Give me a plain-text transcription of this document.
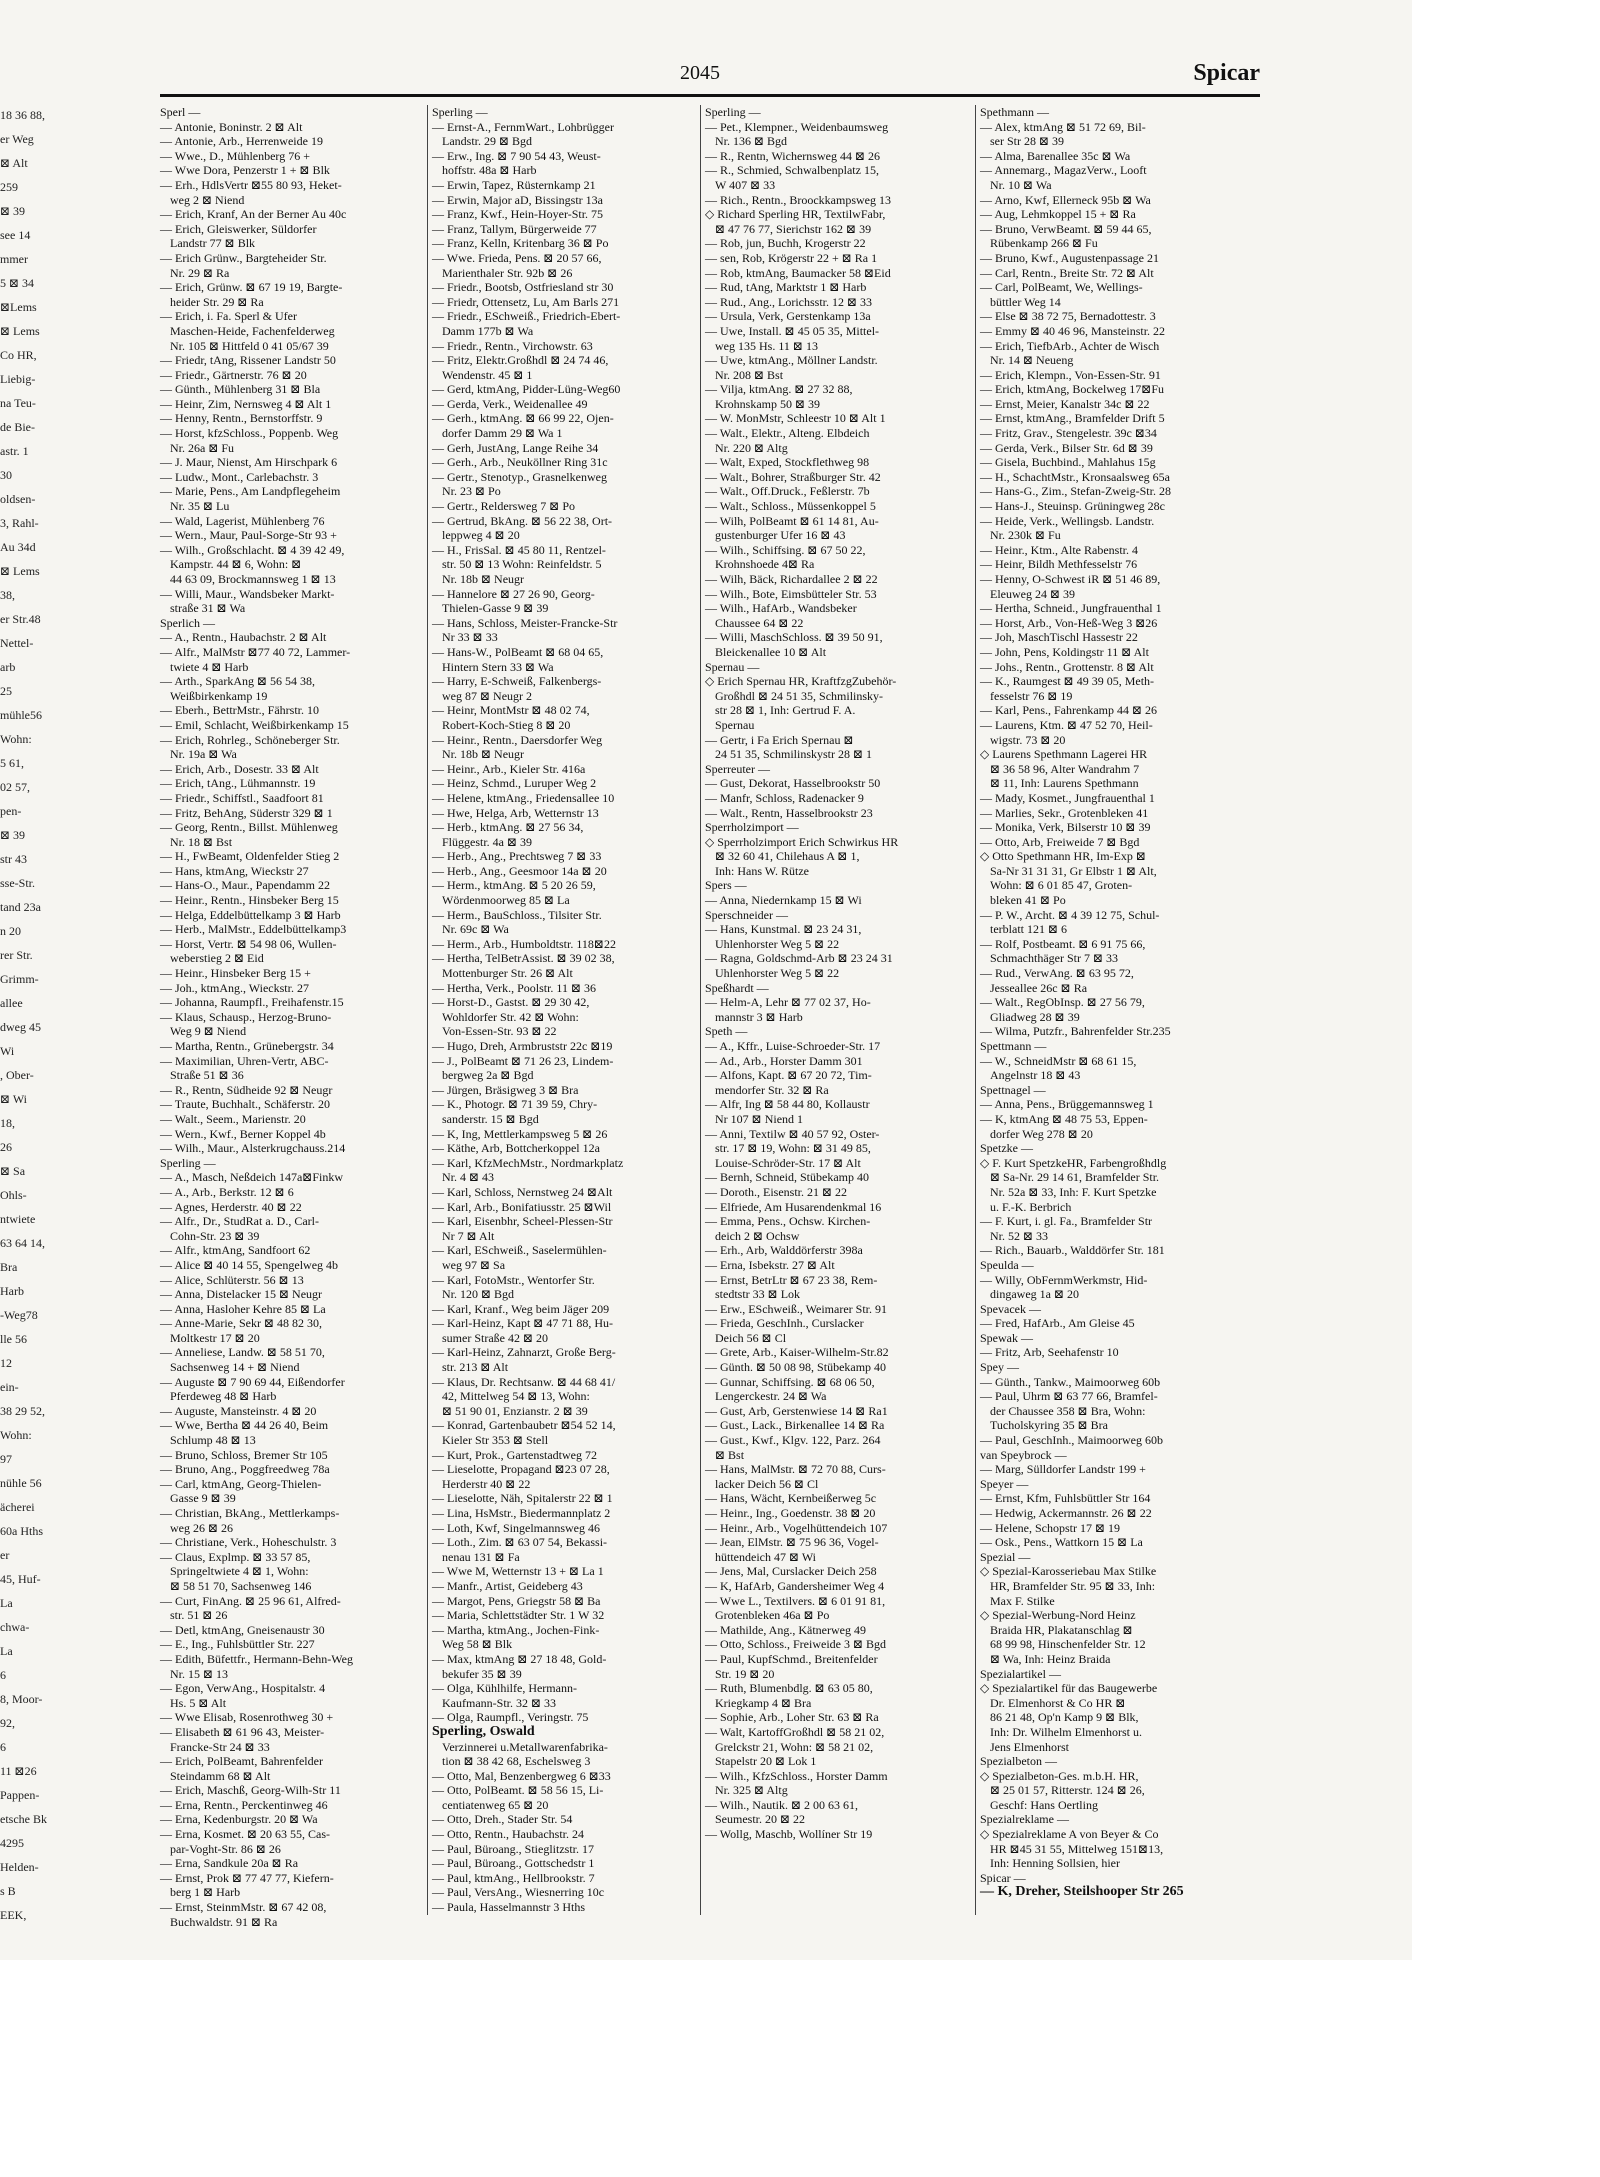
18 36 88,
er Weg
⊠ Alt
259
⊠ 39
see 14
mmer
5 ⊠ 34
⊠Lems
⊠ Lems
Co HR,
Liebig-
na Teu-
de Bie-
astr. 1
30
oldsen-
3, Rahl-
Au 34d
⊠ Lems
38,
er Str.48
Nettel-
arb
25
mühle56
Wohn:
5 61,
02 57,
pen-
⊠ 39
str 43
sse-Str.
tand 23a
n 20
rer Str.
Grimm-
allee
dweg 45
Wi
, Ober-
⊠ Wi
18,
26
⊠ Sa
Ohls-
ntwiete
63 64 14,
Bra
Harb
-Weg78
lle 56
12
ein-
38 29 52,
Wohn:
97
nühle 56
ächerei
60a Hths
er
45, Huf-
La
chwa-
La
6
8, Moor-
92,
6
11 ⊠26
Pappen-
etsche Bk
4295
Helden-
s B
EEK,
2045	Spicar
Sperl —
— Antonie, Boninstr. 2 ⊠ Alt
— Antonie, Arb., Herrenweide 19
— Wwe., D., Mühlenberg 76 +
— Wwe Dora, Penzerstr 1 + ⊠ Blk
— Erh., HdlsVertr ⊠55 80 93, Heket-
weg 2 ⊠ Niend
— Erich, Kranf, An der Berner Au 40c
— Erich, Gleiswerker, Süldorfer
Landstr 77 ⊠ Blk
— Erich Grünw., Bargteheider Str.
Nr. 29 ⊠ Ra
— Erich, Grünw. ⊠ 67 19 19, Bargte-
heider Str. 29 ⊠ Ra
— Erich, i. Fa. Sperl & Ufer
Maschen-Heide, Fachenfelderweg
Nr. 105 ⊠ Hittfeld 0 41 05/67 39
— Friedr, tAng, Rissener Landstr 50
— Friedr., Gärtnerstr. 76 ⊠ 20
— Günth., Mühlenberg 31 ⊠ Bla
— Heinr, Zim, Nernsweg 4 ⊠ Alt 1
— Henny, Rentn., Bernstorffstr. 9
— Horst, kfzSchloss., Poppenb. Weg
Nr. 26a ⊠ Fu
— J. Maur, Nienst, Am Hirschpark 6
— Ludw., Mont., Carlebachstr. 3
— Marie, Pens., Am Landpflegeheim
Nr. 35 ⊠ Lu
— Wald, Lagerist, Mühlenberg 76
— Wern., Maur, Paul-Sorge-Str 93 +
— Wilh., Großschlacht. ⊠ 4 39 42 49,
Kampstr. 44 ⊠ 6, Wohn: ⊠
44 63 09, Brockmannsweg 1 ⊠ 13
— Willi, Maur., Wandsbeker Markt-
straße 31 ⊠ Wa
Sperlich —
— A., Rentn., Haubachstr. 2 ⊠ Alt
— Alfr., MalMstr ⊠77 40 72, Lammer-
twiete 4 ⊠ Harb
— Arth., SparkAng ⊠ 56 54 38,
Weißbirkenkamp 19
— Eberh., BettrMstr., Fährstr. 10
— Emil, Schlacht, Weißbirkenkamp 15
— Erich, Rohrleg., Schöneberger Str.
Nr. 19a ⊠ Wa
— Erich, Arb., Dosestr. 33 ⊠ Alt
— Erich, tAng., Lühmannstr. 19
— Friedr., Schiffstl., Saadfoort 81
— Fritz, BehAng, Süderstr 329 ⊠ 1
— Georg, Rentn., Billst. Mühlenweg
Nr. 18 ⊠ Bst
— H., FwBeamt, Oldenfelder Stieg 2
— Hans, ktmAng, Wieckstr 27
— Hans-O., Maur., Papendamm 22
— Heinr., Rentn., Hinsbeker Berg 15
— Helga, Eddelbüttelkamp 3 ⊠ Harb
— Herb., MalMstr., Eddelbüttelkamp3
— Horst, Vertr. ⊠ 54 98 06, Wullen-
weberstieg 2 ⊠ Eid
— Heinr., Hinsbeker Berg 15 +
— Joh., ktmAng., Wieckstr. 27
— Johanna, Raumpfl., Freihafenstr.15
— Klaus, Schausp., Herzog-Bruno-
Weg 9 ⊠ Niend
— Martha, Rentn., Grünebergstr. 34
— Maximilian, Uhren-Vertr, ABC-
Straße 51 ⊠ 36
— R., Rentn, Südheide 92 ⊠ Neugr
— Traute, Buchhalt., Schäferstr. 20
— Walt., Seem., Marienstr. 20
— Wern., Kwf., Berner Koppel 4b
— Wilh., Maur., Alsterkrugchauss.214
Sperling —
— A., Masch, Neßdeich 147a⊠Finkw
— A., Arb., Berkstr. 12 ⊠ 6
— Agnes, Herderstr. 40 ⊠ 22
— Alfr., Dr., StudRat a. D., Carl-
Cohn-Str. 23 ⊠ 39
— Alfr., ktmAng, Sandfoort 62
— Alice ⊠ 40 14 55, Spengelweg 4b
— Alice, Schlüterstr. 56 ⊠ 13
— Anna, Distelacker 15 ⊠ Neugr
— Anna, Hasloher Kehre 85 ⊠ La
— Anne-Marie, Sekr ⊠ 48 82 30,
Moltkestr 17 ⊠ 20
— Anneliese, Landw. ⊠ 58 51 70,
Sachsenweg 14 + ⊠ Niend
— Auguste ⊠ 7 90 69 44, Eißendorfer
Pferdeweg 48 ⊠ Harb
— Auguste, Mansteinstr. 4 ⊠ 20
— Wwe, Bertha ⊠ 44 26 40, Beim
Schlump 48 ⊠ 13
— Bruno, Schloss, Bremer Str 105
— Bruno, Ang., Poggfreedweg 78a
— Carl, ktmAng, Georg-Thielen-
Gasse 9 ⊠ 39
— Christian, BkAng., Mettlerkamps-
weg 26 ⊠ 26
— Christiane, Verk., Hoheschulstr. 3
— Claus, Explmp. ⊠ 33 57 85,
Springeltwiete 4 ⊠ 1, Wohn:
⊠ 58 51 70, Sachsenweg 146
— Curt, FinAng. ⊠ 25 96 61, Alfred-
str. 51 ⊠ 26
— Detl, ktmAng, Gneisenaustr 30
— E., Ing., Fuhlsbüttler Str. 227
— Edith, Büfettfr., Hermann-Behn-Weg
Nr. 15 ⊠ 13
— Egon, VerwAng., Hospitalstr. 4
Hs. 5 ⊠ Alt
— Wwe Elisab, Rosenrothweg 30 +
— Elisabeth ⊠ 61 96 43, Meister-
Francke-Str 24 ⊠ 33
— Erich, PolBeamt, Bahrenfelder
Steindamm 68 ⊠ Alt
— Erich, Maschß, Georg-Wilh-Str 11
— Erna, Rentn., Perckentinweg 46
— Erna, Kedenburgstr. 20 ⊠ Wa
— Erna, Kosmet. ⊠ 20 63 55, Cas-
par-Voght-Str. 86 ⊠ 26
— Erna, Sandkule 20a ⊠ Ra
— Ernst, Prok ⊠ 77 47 77, Kiefern-
berg 1 ⊠ Harb
— Ernst, SteinmMstr. ⊠ 67 42 08,
Buchwaldstr. 91 ⊠ Ra
Sperling —
— Ernst-A., FernmWart., Lohbrügger
Landstr. 29 ⊠ Bgd
— Erw., Ing. ⊠ 7 90 54 43, Weust-
hoffstr. 48a ⊠ Harb
— Erwin, Tapez, Rüsternkamp 21
— Erwin, Major aD, Bissingstr 13a
— Franz, Kwf., Hein-Hoyer-Str. 75
— Franz, Tallym, Bürgerweide 77
— Franz, Kelln, Kritenbarg 36 ⊠ Po
— Wwe. Frieda, Pens. ⊠ 20 57 66,
Marienthaler Str. 92b ⊠ 26
— Friedr., Bootsb, Ostfriesland str 30
— Friedr, Ottensetz, Lu, Am Barls 271
— Friedr., ESchweiß., Friedrich-Ebert-
Damm 177b ⊠ Wa
— Friedr., Rentn., Virchowstr. 63
— Fritz, Elektr.Großhdl ⊠ 24 74 46,
Wendenstr. 45 ⊠ 1
— Gerd, ktmAng, Pidder-Lüng-Weg60
— Gerda, Verk., Weidenallee 49
— Gerh., ktmAng. ⊠ 66 99 22, Ojen-
dorfer Damm 29 ⊠ Wa 1
— Gerh, JustAng, Lange Reihe 34
— Gerh., Arb., Neuköllner Ring 31c
— Gertr., Stenotyp., Grasnelkenweg
Nr. 23 ⊠ Po
— Gertr., Reldersweg 7 ⊠ Po
— Gertrud, BkAng. ⊠ 56 22 38, Ort-
leppweg 4 ⊠ 20
— H., FrisSal. ⊠ 45 80 11, Rentzel-
str. 50 ⊠ 13 Wohn: Reinfeldstr. 5
Nr. 18b ⊠ Neugr
— Hannelore ⊠ 27 26 90, Georg-
Thielen-Gasse 9 ⊠ 39
— Hans, Schloss, Meister-Francke-Str
Nr 33 ⊠ 33
— Hans-W., PolBeamt ⊠ 68 04 65,
Hintern Stern 33 ⊠ Wa
— Harry, E-Schweiß, Falkenbergs-
weg 87 ⊠ Neugr 2
— Heinr, MontMstr ⊠ 48 02 74,
Robert-Koch-Stieg 8 ⊠ 20
— Heinr., Rentn., Daersdorfer Weg
Nr. 18b ⊠ Neugr
— Heinr., Arb., Kieler Str. 416a
— Heinz, Schmd., Luruper Weg 2
— Helene, ktmAng., Friedensallee 10
— Hwe, Helga, Arb, Wetternstr 13
— Herb., ktmAng. ⊠ 27 56 34,
Flüggestr. 4a ⊠ 39
— Herb., Ang., Prechtsweg 7 ⊠ 33
— Herb., Ang., Geesmoor 14a ⊠ 20
— Herm., ktmAng. ⊠ 5 20 26 59,
Wördenmoorweg 85 ⊠ La
— Herm., BauSchloss., Tilsiter Str.
Nr. 69c ⊠ Wa
— Herm., Arb., Humboldtstr. 118⊠22
— Hertha, TelBetrAssist. ⊠ 39 02 38,
Mottenburger Str. 26 ⊠ Alt
— Hertha, Verk., Poolstr. 11 ⊠ 36
— Horst-D., Gastst. ⊠ 29 30 42,
Wohldorfer Str. 42 ⊠ Wohn:
Von-Essen-Str. 93 ⊠ 22
— Hugo, Dreh, Armbruststr 22c ⊠19
— J., PolBeamt ⊠ 71 26 23, Lindem-
bergweg 2a ⊠ Bgd
— Jürgen, Bräsigweg 3 ⊠ Bra
— K., Photogr. ⊠ 71 39 59, Chry-
sanderstr. 15 ⊠ Bgd
— K, Ing, Mettlerkampsweg 5 ⊠ 26
— Käthe, Arb, Bottcherkoppel 12a
— Karl, KfzMechMstr., Nordmarkplatz
Nr. 4 ⊠ 43
— Karl, Schloss, Nernstweg 24 ⊠Alt
— Karl, Arb., Bonifatiusstr. 25 ⊠Wil
— Karl, Eisenbhr, Scheel-Plessen-Str
Nr 7 ⊠ Alt
— Karl, ESchweiß., Saselermühlen-
weg 97 ⊠ Sa
— Karl, FotoMstr., Wentorfer Str.
Nr. 120 ⊠ Bgd
— Karl, Kranf., Weg beim Jäger 209
— Karl-Heinz, Kapt ⊠ 47 71 88, Hu-
sumer Straße 42 ⊠ 20
— Karl-Heinz, Zahnarzt, Große Berg-
str. 213 ⊠ Alt
— Klaus, Dr. Rechtsanw. ⊠ 44 68 41/
42, Mittelweg 54 ⊠ 13, Wohn:
⊠ 51 90 01, Enzianstr. 2 ⊠ 39
— Konrad, Gartenbaubetr ⊠54 52 14,
Kieler Str 353 ⊠ Stell
— Kurt, Prok., Gartenstadtweg 72
— Lieselotte, Propagand ⊠23 07 28,
Herderstr 40 ⊠ 22
— Lieselotte, Näh, Spitalerstr 22 ⊠ 1
— Lina, HsMstr., Biedermannplatz 2
— Loth, Kwf, Singelmannsweg 46
— Loth., Zim. ⊠ 63 07 54, Bekassi-
nenau 131 ⊠ Fa
— Wwe M, Wetternstr 13 + ⊠ La 1
— Manfr., Artist, Geideberg 43
— Margot, Pens, Griegstr 58 ⊠ Ba
— Maria, Schlettstädter Str. 1 W 32
— Martha, ktmAng., Jochen-Fink-
Weg 58 ⊠ Blk
— Max, ktmAng ⊠ 27 18 48, Gold-
bekufer 35 ⊠ 39
— Olga, Kühlhilfe, Hermann-
Kaufmann-Str. 32 ⊠ 33
— Olga, Raumpfl., Veringstr. 75
Sperling, Oswald
Verzinnerei u.Metallwarenfabrika-
tion ⊠ 38 42 68, Eschelsweg 3
— Otto, Mal, Benzenbergweg 6 ⊠33
— Otto, PolBeamt. ⊠ 58 56 15, Li-
centiatenweg 65 ⊠ 20
— Otto, Dreh., Stader Str. 54
— Otto, Rentn., Haubachstr. 24
— Paul, Büroang., Stieglitzstr. 17
— Paul, Büroang., Gottschedstr 1
— Paul, ktmAng., Hellbrookstr. 7
— Paul, VersAng., Wiesnerring 10c
— Paula, Hasselmannstr 3 Hths
Sperling —
— Pet., Klempner., Weidenbaumsweg
Nr. 136 ⊠ Bgd
— R., Rentn, Wichernsweg 44 ⊠ 26
— R., Schmied, Schwalbenplatz 15,
W 407 ⊠ 33
— Rich., Rentn., Broockkampsweg 13
◇ Richard Sperling HR, TextilwFabr,
⊠ 47 76 77, Sierichstr 162 ⊠ 39
— Rob, jun, Buchh, Krogerstr 22
— sen, Rob, Krögerstr 22 + ⊠ Ra 1
— Rob, ktmAng, Baumacker 58 ⊠Eid
— Rud, tAng, Marktstr 1 ⊠ Harb
— Rud., Ang., Lorichsstr. 12 ⊠ 33
— Ursula, Verk, Gerstenkamp 13a
— Uwe, Install. ⊠ 45 05 35, Mittel-
weg 135 Hs. 11 ⊠ 13
— Uwe, ktmAng., Möllner Landstr.
Nr. 208 ⊠ Bst
— Vilja, ktmAng. ⊠ 27 32 88,
Krohnskamp 50 ⊠ 39
— W. MonMstr, Schleestr 10 ⊠ Alt 1
— Walt., Elektr., Alteng. Elbdeich
Nr. 220 ⊠ Altg
— Walt, Exped, Stockflethweg 98
— Walt., Bohrer, Straßburger Str. 42
— Walt., Off.Druck., Feßlerstr. 7b
— Walt., Schloss., Müssenkoppel 5
— Wilh, PolBeamt ⊠ 61 14 81, Au-
gustenburger Ufer 16 ⊠ 43
— Wilh., Schiffsing. ⊠ 67 50 22,
Krohnshoede 4⊠ Ra
— Wilh, Bäck, Richardallee 2 ⊠ 22
— Wilh., Bote, Eimsbütteler Str. 53
— Wilh., HafArb., Wandsbeker
Chaussee 64 ⊠ 22
— Willi, MaschSchloss. ⊠ 39 50 91,
Bleickenallee 10 ⊠ Alt
Spernau —
◇ Erich Spernau HR, KraftfzgZubehör-
Großhdl ⊠ 24 51 35, Schmilinsky-
str 28 ⊠ 1, Inh: Gertrud F. A.
Spernau
— Gertr, i Fa Erich Spernau ⊠
24 51 35, Schmilinskystr 28 ⊠ 1
Sperreuter —
— Gust, Dekorat, Hasselbrookstr 50
— Manfr, Schloss, Radenacker 9
— Walt., Rentn, Hasselbrookstr 23
Sperrholzimport —
◇ Sperrholzimport Erich Schwirkus HR
⊠ 32 60 41, Chilehaus A ⊠ 1,
Inh: Hans W. Rütze
Spers —
— Anna, Niedernkamp 15 ⊠ Wi
Sperschneider —
— Hans, Kunstmal. ⊠ 23 24 31,
Uhlenhorster Weg 5 ⊠ 22
— Ragna, Goldschmd-Arb ⊠ 23 24 31
Uhlenhorster Weg 5 ⊠ 22
Speßhardt —
— Helm-A, Lehr ⊠ 77 02 37, Ho-
mannstr 3 ⊠ Harb
Speth —
— A., Kffr., Luise-Schroeder-Str. 17
— Ad., Arb., Horster Damm 301
— Alfons, Kapt. ⊠ 67 20 72, Tim-
mendorfer Str. 32 ⊠ Ra
— Alfr, Ing ⊠ 58 44 80, Kollaustr
Nr 107 ⊠ Niend 1
— Anni, Textilw ⊠ 40 57 92, Oster-
str. 17 ⊠ 19, Wohn: ⊠ 31 49 85,
Louise-Schröder-Str. 17 ⊠ Alt
— Bernh, Schneid, Stübekamp 40
— Doroth., Eisenstr. 21 ⊠ 22
— Elfriede, Am Husarendenkmal 16
— Emma, Pens., Ochsw. Kirchen-
deich 2 ⊠ Ochsw
— Erh., Arb, Walddörferstr 398a
— Erna, Isbekstr. 27 ⊠ Alt
— Ernst, BetrLtr ⊠ 67 23 38, Rem-
stedtstr 33 ⊠ Lok
— Erw., ESchweiß., Weimarer Str. 91
— Frieda, GeschInh., Curslacker
Deich 56 ⊠ Cl
— Grete, Arb., Kaiser-Wilhelm-Str.82
— Günth. ⊠ 50 08 98, Stübekamp 40
— Gunnar, Schiffsing. ⊠ 68 06 50,
Lengerckestr. 24 ⊠ Wa
— Gust, Arb, Gerstenwiese 14 ⊠ Ra1
— Gust., Lack., Birkenallee 14 ⊠ Ra
— Gust., Kwf., Klgv. 122, Parz. 264
⊠ Bst
— Hans, MalMstr. ⊠ 72 70 88, Curs-
lacker Deich 56 ⊠ Cl
— Hans, Wächt, Kernbeißerweg 5c
— Heinr., Ing., Goedenstr. 38 ⊠ 20
— Heinr., Arb., Vogelhüttendeich 107
— Jean, ElMstr. ⊠ 75 96 36, Vogel-
hüttendeich 47 ⊠ Wi
— Jens, Mal, Curslacker Deich 258
— K, HafArb, Gandersheimer Weg 4
— Wwe L., Textilvers. ⊠ 6 01 91 81,
Grotenbleken 46a ⊠ Po
— Mathilde, Ang., Kätnerweg 49
— Otto, Schloss., Freiweide 3 ⊠ Bgd
— Paul, KupfSchmd., Breitenfelder
Str. 19 ⊠ 20
— Ruth, Blumenbdlg. ⊠ 63 05 80,
Kriegkamp 4 ⊠ Bra
— Sophie, Arb., Loher Str. 63 ⊠ Ra
— Walt, KartoffGroßhdl ⊠ 58 21 02,
Grelckstr 21, Wohn: ⊠ 58 21 02,
Stapelstr 20 ⊠ Lok 1
— Wilh., KfzSchloss., Horster Damm
Nr. 325 ⊠ Altg
— Wilh., Nautik. ⊠ 2 00 63 61,
Seumestr. 20 ⊠ 22
— Wollg, Maschb, Wollíner Str 19
Spethmann —
— Alex, ktmAng ⊠ 51 72 69, Bil-
ser Str 28 ⊠ 39
— Alma, Barenallee 35c ⊠ Wa
— Annemarg., MagazVerw., Looft
Nr. 10 ⊠ Wa
— Arno, Kwf, Ellerneck 95b ⊠ Wa
— Aug, Lehmkoppel 15 + ⊠ Ra
— Bruno, VerwBeamt. ⊠ 59 44 65,
Rübenkamp 266 ⊠ Fu
— Bruno, Kwf., Augustenpassage 21
— Carl, Rentn., Breite Str. 72 ⊠ Alt
— Carl, PolBeamt, We, Wellings-
büttler Weg 14
— Else ⊠ 38 72 75, Bernadottestr. 3
— Emmy ⊠ 40 46 96, Mansteinstr. 22
— Erich, TiefbArb., Achter de Wisch
Nr. 14 ⊠ Neueng
— Erich, Klempn., Von-Essen-Str. 91
— Erich, ktmAng, Bockelweg 17⊠Fu
— Ernst, Meier, Kanalstr 34c ⊠ 22
— Ernst, ktmAng., Bramfelder Drift 5
— Fritz, Grav., Stengelestr. 39c ⊠34
— Gerda, Verk., Bilser Str. 6d ⊠ 39
— Gisela, Buchbind., Mahlahus 15g
— H., SchachtMstr., Kronsaalsweg 65a
— Hans-G., Zim., Stefan-Zweig-Str. 28
— Hans-J., Steuinsp. Grüningweg 28c
— Heide, Verk., Wellingsb. Landstr.
Nr. 230k ⊠ Fu
— Heinr., Ktm., Alte Rabenstr. 4
— Heinr, Bildh Methfesselstr 76
— Henny, O-Schwest iR ⊠ 51 46 89,
Eleuweg 24 ⊠ 39
— Hertha, Schneid., Jungfrauenthal 1
— Horst, Arb., Von-Heß-Weg 3 ⊠26
— Joh, MaschTischl Hassestr 22
— John, Pens, Koldingstr 11 ⊠ Alt
— Johs., Rentn., Grottenstr. 8 ⊠ Alt
— K., Raumgest ⊠ 49 39 05, Meth-
fesselstr 76 ⊠ 19
— Karl, Pens., Fahrenkamp 44 ⊠ 26
— Laurens, Ktm. ⊠ 47 52 70, Heil-
wigstr. 73 ⊠ 20
◇ Laurens Spethmann Lagerei HR
⊠ 36 58 96, Alter Wandrahm 7
⊠ 11, Inh: Laurens Spethmann
— Mady, Kosmet., Jungfrauenthal 1
— Marlies, Sekr., Grotenbleken 41
— Monika, Verk, Bilserstr 10 ⊠ 39
— Otto, Arb, Freiweide 7 ⊠ Bgd
◇ Otto Spethmann HR, Im-Exp ⊠
Sa-Nr 31 31 31, Gr Elbstr 1 ⊠ Alt,
Wohn: ⊠ 6 01 85 47, Groten-
bleken 41 ⊠ Po
— P. W., Archt. ⊠ 4 39 12 75, Schul-
terblatt 121 ⊠ 6
— Rolf, Postbeamt. ⊠ 6 91 75 66,
Schmachthäger Str 7 ⊠ 33
— Rud., VerwAng. ⊠ 63 95 72,
Jesseallee 26c ⊠ Ra
— Walt., RegObInsp. ⊠ 27 56 79,
Gliadweg 28 ⊠ 39
— Wilma, Putzfr., Bahrenfelder Str.235
Spettmann —
— W., SchneidMstr ⊠ 68 61 15,
Angelnstr 18 ⊠ 43
Spettnagel —
— Anna, Pens., Brüggemannsweg 1
— K, ktmAng ⊠ 48 75 53, Eppen-
dorfer Weg 278 ⊠ 20
Spetzke —
◇ F. Kurt SpetzkeHR, Farbengroßhdlg
⊠ Sa-Nr. 29 14 61, Bramfelder Str.
Nr. 52a ⊠ 33, Inh: F. Kurt Spetzke
u. F.-K. Berbrich
— F. Kurt, i. gl. Fa., Bramfelder Str
Nr. 52 ⊠ 33
— Rich., Bauarb., Walddörfer Str. 181
Speulda —
— Willy, ObFernmWerkmstr, Hid-
dingaweg 1a ⊠ 20
Spevacek —
— Fred, HafArb., Am Gleise 45
Spewak —
— Fritz, Arb, Seehafenstr 10
Spey —
— Günth., Tankw., Maimoorweg 60b
— Paul, Uhrm ⊠ 63 77 66, Bramfel-
der Chaussee 358 ⊠ Bra, Wohn:
Tucholskyring 35 ⊠ Bra
— Paul, GeschInh., Maimoorweg 60b
van Speybrock —
— Marg, Sülldorfer Landstr 199 +
Speyer —
— Ernst, Kfm, Fuhlsbüttler Str 164
— Hedwig, Ackermannstr. 26 ⊠ 22
— Helene, Schopstr 17 ⊠ 19
— Osk., Pens., Wattkorn 15 ⊠ La
Spezial —
◇ Spezial-Karosseriebau Max Stilke
HR, Bramfelder Str. 95 ⊠ 33, Inh:
Max F. Stilke
◇ Spezial-Werbung-Nord Heinz
Braida HR, Plakatanschlag ⊠
68 99 98, Hinschenfelder Str. 12
⊠ Wa, Inh: Heinz Braida
Spezialartikel —
◇ Spezialartikel für das Baugewerbe
Dr. Elmenhorst & Co HR ⊠
86 21 48, Op'n Kamp 9 ⊠ Blk,
Inh: Dr. Wilhelm Elmenhorst u.
Jens Elmenhorst
Spezialbeton —
◇ Spezialbeton-Ges. m.b.H. HR,
⊠ 25 01 57, Ritterstr. 124 ⊠ 26,
Geschf: Hans Oertling
Spezialreklame —
◇ Spezialreklame A von Beyer & Co
HR ⊠45 31 55, Mittelweg 151⊠13,
Inh: Henning Sollsien, hier
Spicar —
— K, Dreher, Steilshooper Str 265
